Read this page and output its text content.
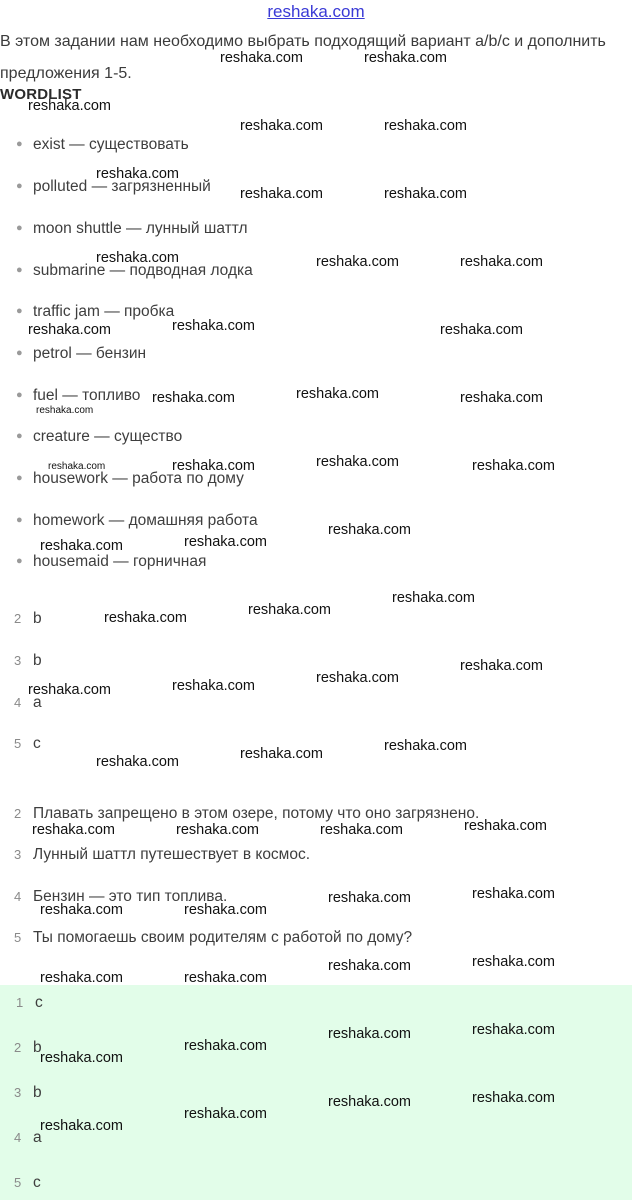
reshaka.com
В этом задании нам необходимо выбрать подходящий вариант a/b/c и дополнить предложения 1-5.
WORDLIST
● exist — существовать
● polluted — загрязненный
● moon shuttle — лунный шаттл
● submarine — подводная лодка
● traffic jam — пробка
● petrol — бензин
● fuel — топливо
● creature — существо
● housework — работа по дому
● homework — домашняя работа
● housemaid — горничная
2 b
3 b
4 a
5 c
2 Плавать запрещено в этом озере, потому что оно загрязнено.
3 Лунный шаттл путешествует в космос.
4 Бензин — это тип топлива.
5 Ты помогаешь своим родителям с работой по дому?
1 c
2 b
3 b
4 a
5 c
reshaka.com	reshaka.com
reshaka.com
reshaka.com	reshaka.com
reshaka.com
reshaka.com	reshaka.com
reshaka.com	reshaka.com	reshaka.com
reshaka.com	reshaka.com	reshaka.com
reshaka.com	reshaka.com	reshaka.com
reshaka.com
reshaka.com	reshaka.com	reshaka.com	reshaka.com
reshaka.com
reshaka.com
reshaka.com
reshaka.com
reshaka.com
reshaka.com
reshaka.com
reshaka.com
reshaka.com
reshaka.com
reshaka.com
reshaka.com
reshaka.com
reshaka.com
reshaka.com
reshaka.com
reshaka.com
reshaka.com
reshaka.com
reshaka.com
reshaka.com
reshaka.com
reshaka.com
reshaka.com
reshaka.com
reshaka.com
reshaka.com
reshaka.com
reshaka.com
reshaka.com
reshaka.com
reshaka.com
reshaka.com
